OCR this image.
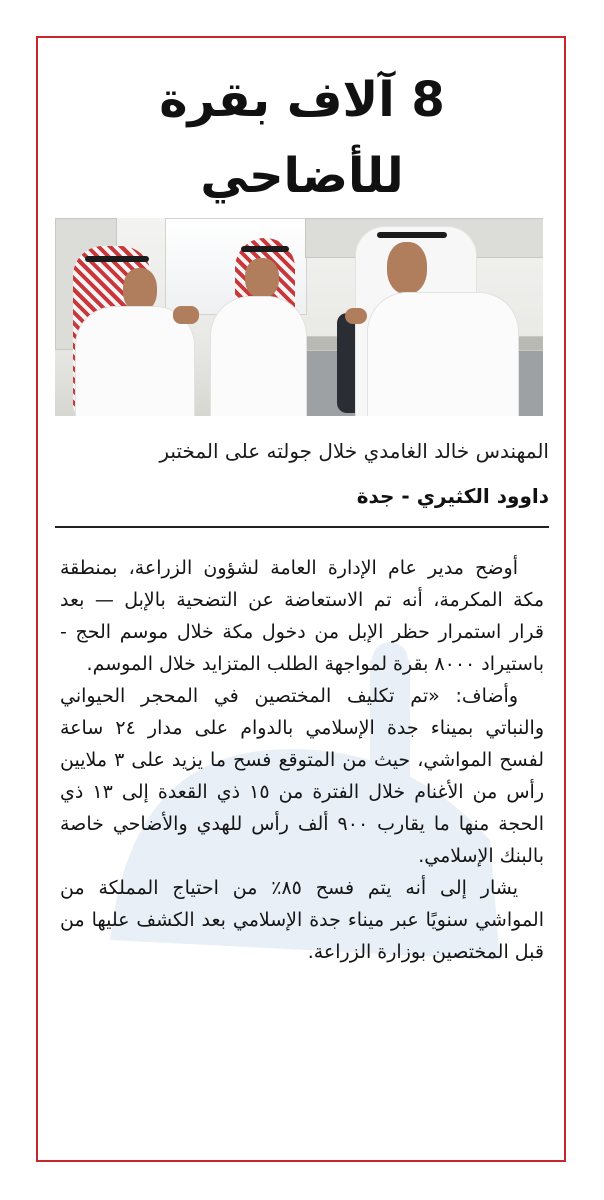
8 آلاف بقرة للأضاحي
المهندس خالد الغامدي خلال جولته على المختبر
داوود الكثيري - جدة

أوضح مدير عام الإدارة العامة لشؤون الزراعة، بمنطقة مكة المكرمة، أنه تم الاستعاضة عن التضحية بالإبل — بعد قرار استمرار حظر الإبل من دخول مكة خلال موسم الحج - باستيراد ٨٠٠٠ بقرة لمواجهة الطلب المتزايد خلال الموسم.

وأضاف: «تم تكليف المختصين في المحجر الحيواني والنباتي بميناء جدة الإسلامي بالدوام على مدار ٢٤ ساعة لفسح المواشي، حيث من المتوقع فسح ما يزيد على ٣ ملايين رأس من الأغنام خلال الفترة من ١٥ ذي القعدة إلى ١٣ ذي الحجة منها ما يقارب ٩٠٠ ألف رأس للهدي والأضاحي خاصة بالبنك الإسلامي.

يشار إلى أنه يتم فسح ٨٥٪ من احتياج المملكة من المواشي سنويًا عبر ميناء جدة الإسلامي بعد الكشف عليها من قبل المختصين بوزارة الزراعة.
